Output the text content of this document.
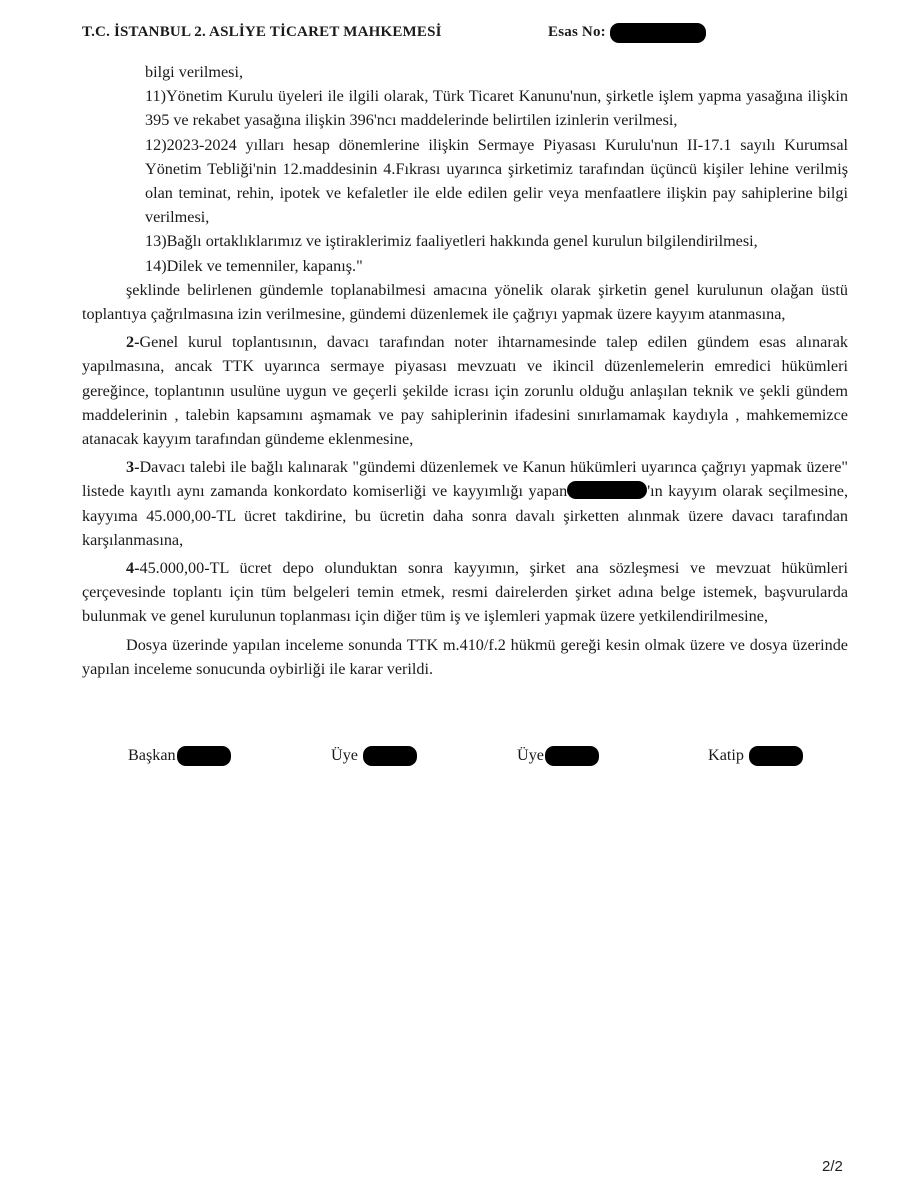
T.C. İSTANBUL 2. ASLİYE TİCARET MAHKEMESİ	Esas No:
bilgi verilmesi,
11)Yönetim Kurulu üyeleri ile ilgili olarak, Türk Ticaret Kanunu'nun, şirketle işlem yapma yasağına ilişkin 395 ve rekabet yasağına ilişkin 396'ncı maddelerinde belirtilen izinlerin verilmesi,
12)2023-2024 yılları hesap dönemlerine ilişkin Sermaye Piyasası Kurulu'nun II-17.1 sayılı Kurumsal Yönetim Tebliği'nin 12.maddesinin 4.Fıkrası uyarınca şirketimiz tarafından üçüncü kişiler lehine verilmiş olan teminat, rehin, ipotek ve kefaletler ile elde edilen gelir veya menfaatlere ilişkin pay sahiplerine bilgi verilmesi,
13)Bağlı ortaklıklarımız ve iştiraklerimiz faaliyetleri hakkında genel kurulun bilgilendirilmesi,
14)Dilek ve temenniler, kapanış."
şeklinde belirlenen gündemle toplanabilmesi amacına yönelik olarak şirketin genel kurulunun olağan üstü toplantıya çağrılmasına izin verilmesine, gündemi düzenlemek ile çağrıyı yapmak üzere kayyım atanmasına,
2-Genel kurul toplantısının, davacı tarafından noter ihtarnamesinde talep edilen gündem esas alınarak yapılmasına, ancak TTK uyarınca sermaye piyasası mevzuatı ve ikincil düzenlemelerin emredici hükümleri gereğince, toplantının usulüne uygun ve geçerli şekilde icrası için zorunlu olduğu anlaşılan teknik ve şekli gündem maddelerinin , talebin kapsamını aşmamak ve pay sahiplerinin ifadesini sınırlamamak kaydıyla , mahkememizce atanacak kayyım tarafından gündeme eklenmesine,
3-Davacı talebi ile bağlı kalınarak "gündemi düzenlemek ve Kanun hükümleri uyarınca çağrıyı yapmak üzere" listede kayıtlı aynı zamanda konkordato komiserliği ve kayyımlığı yapan	'ın kayyım olarak seçilmesine, kayyıma 45.000,00-TL ücret takdirine, bu ücretin daha sonra davalı şirketten alınmak üzere davacı tarafından karşılanmasına,
4-45.000,00-TL ücret depo olunduktan sonra kayyımın, şirket ana sözleşmesi ve mevzuat hükümleri çerçevesinde toplantı için tüm belgeleri temin etmek, resmi dairelerden şirket adına belge istemek, başvurularda bulunmak ve genel kurulunun toplanması için diğer tüm iş ve işlemleri yapmak üzere yetkilendirilmesine,
Dosya üzerinde yapılan inceleme sonunda TTK m.410/f.2 hükmü gereği kesin olmak üzere ve dosya üzerinde yapılan inceleme sonucunda oybirliği ile karar verildi.
Başkan	Üye	Üye	Katip
2/2
